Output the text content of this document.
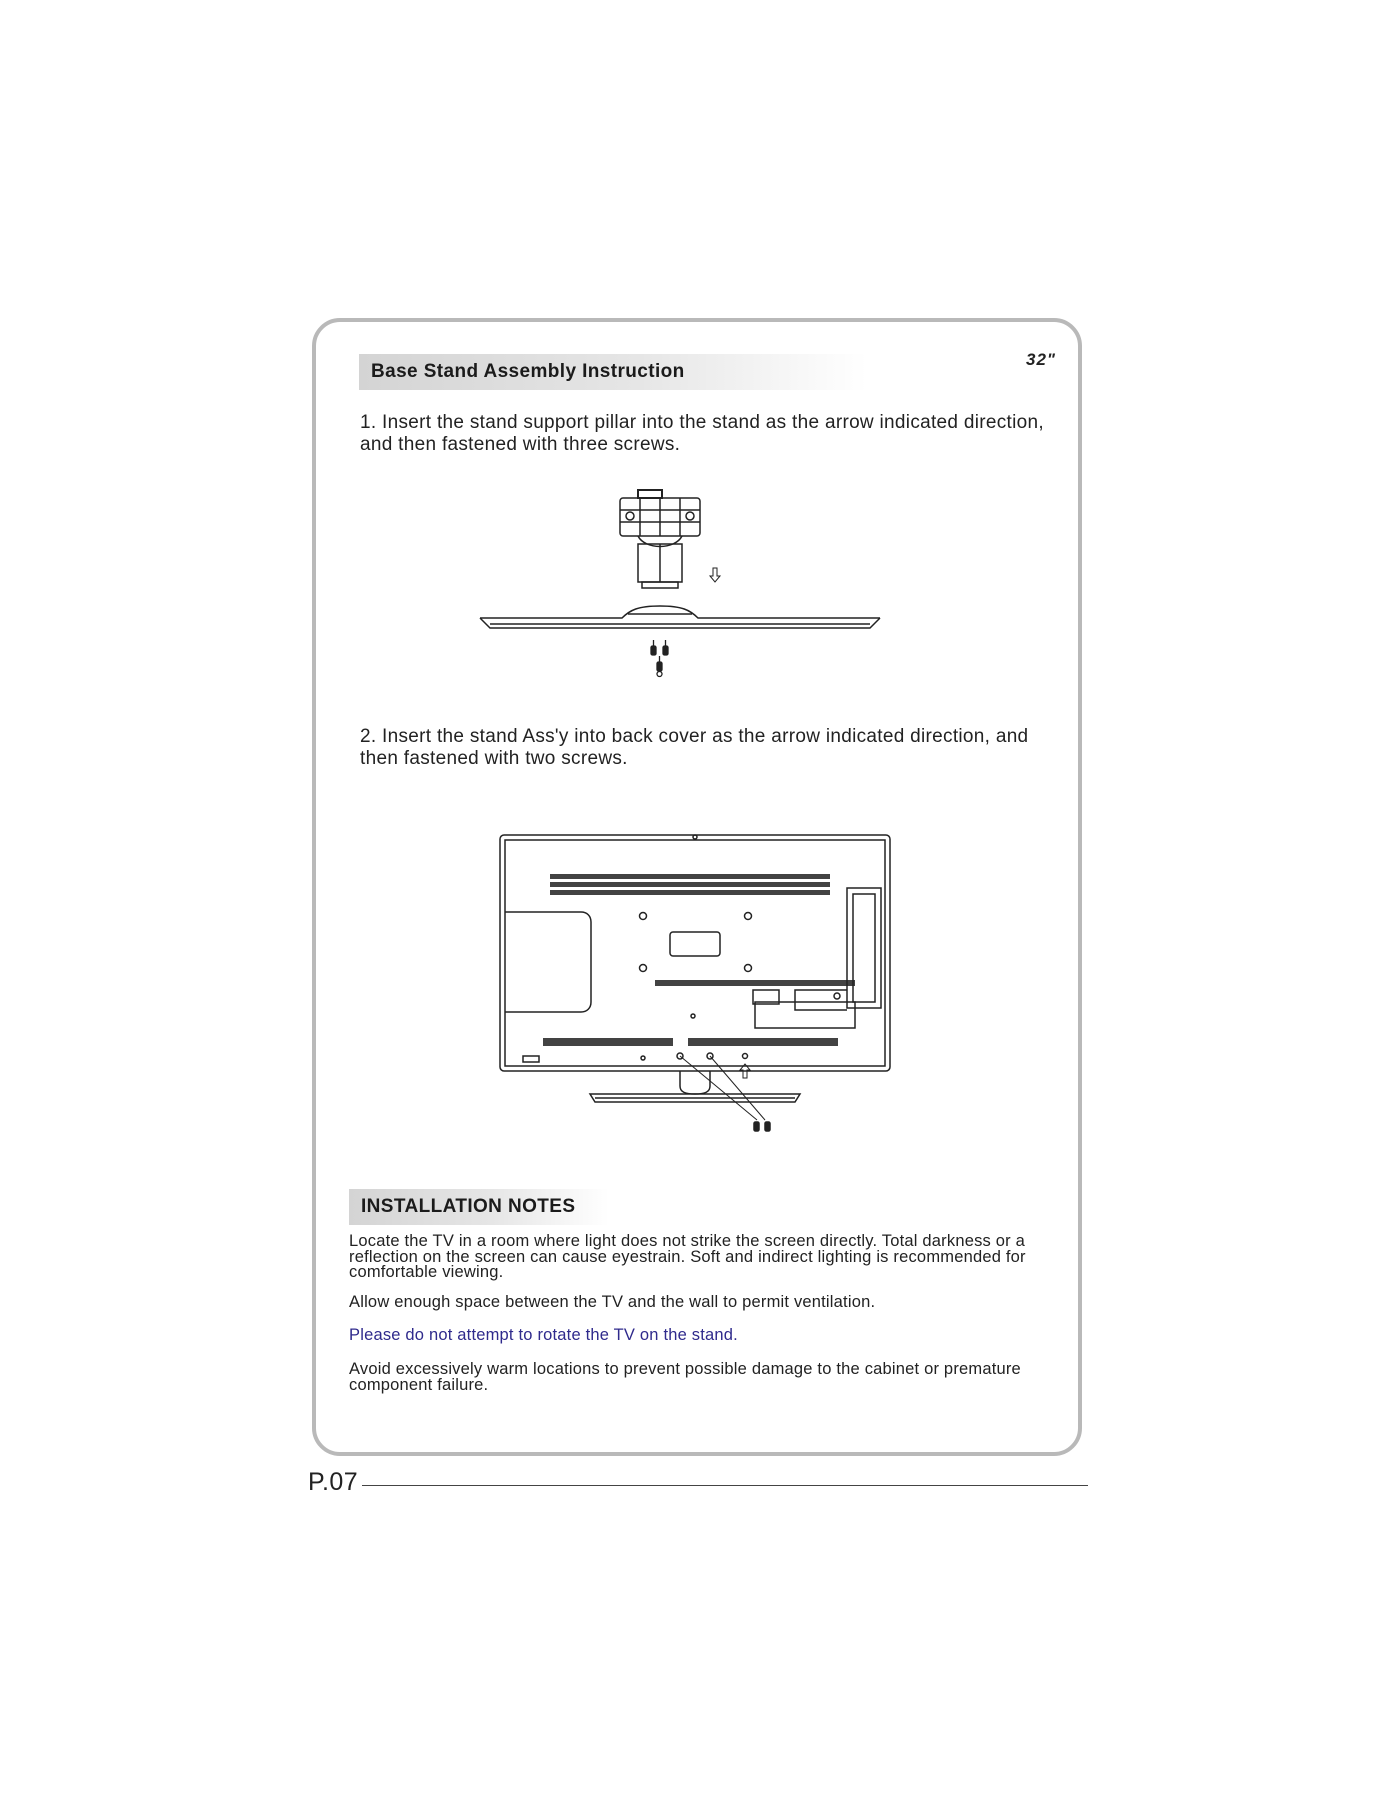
Base Stand Assembly Instruction
32"
1. Insert the stand support pillar into the stand as the arrow indicated direction, and then fastened with three screws.
2. Insert the stand Ass'y into back cover as the arrow indicated direction, and then fastened with two screws.
INSTALLATION NOTES
Locate the TV in a room where light does not strike the screen directly. Total darkness or a reflection on the screen can cause eyestrain. Soft and indirect lighting is recommended for comfortable viewing.
Allow enough space between the TV and the wall to permit ventilation.
Please do not attempt to rotate the TV on the stand.
Avoid excessively warm locations to prevent possible damage to the cabinet or premature component failure.
P.07
